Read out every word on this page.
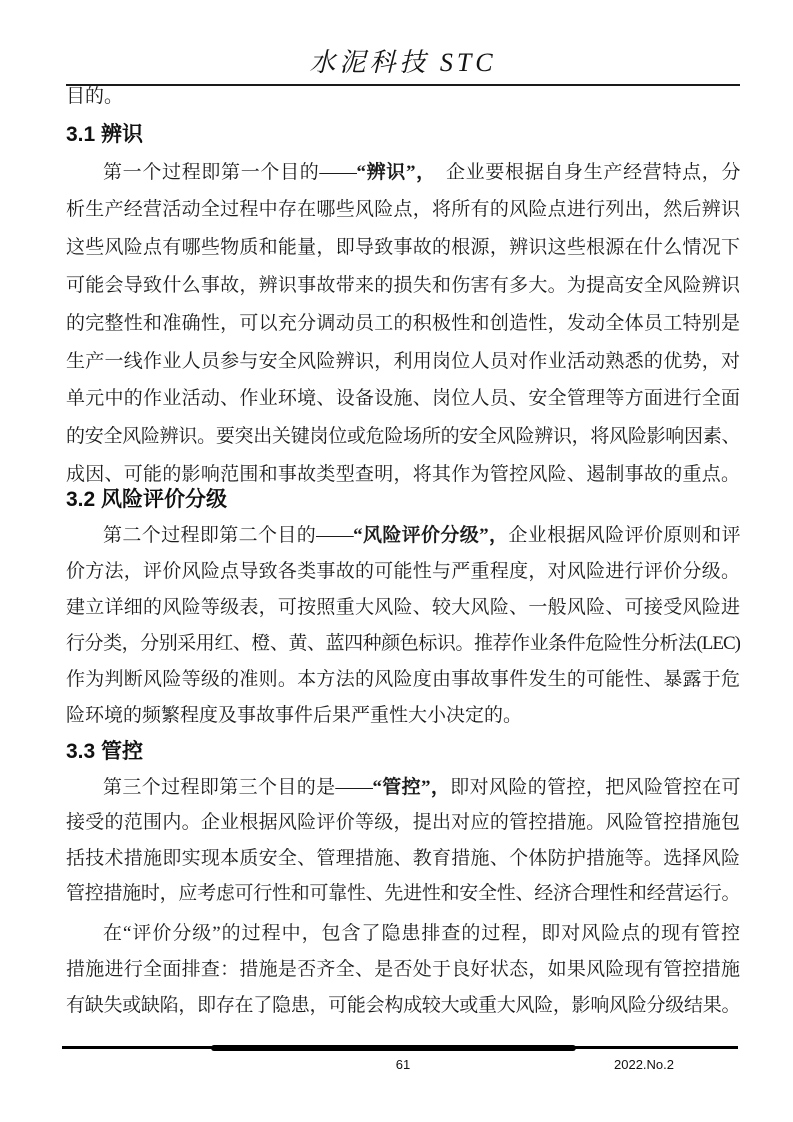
水泥科技 STC
目的。
3.1 辨识
第一个过程即第一个目的——“辨识”，　企业要根据自身生产经营特点，分
析生产经营活动全过程中存在哪些风险点，将所有的风险点进行列出，然后辨识
这些风险点有哪些物质和能量，即导致事故的根源，辨识这些根源在什么情况下
可能会导致什么事故，辨识事故带来的损失和伤害有多大。为提高安全风险辨识
的完整性和准确性，可以充分调动员工的积极性和创造性，发动全体员工特别是
生产一线作业人员参与安全风险辨识，利用岗位人员对作业活动熟悉的优势，对
单元中的作业活动、作业环境、设备设施、岗位人员、安全管理等方面进行全面
的安全风险辨识。要突出关键岗位或危险场所的安全风险辨识，将风险影响因素、
成因、可能的影响范围和事故类型查明，将其作为管控风险、遏制事故的重点。
3.2 风险评价分级
第二个过程即第二个目的——“风险评价分级”，企业根据风险评价原则和评
价方法，评价风险点导致各类事故的可能性与严重程度，对风险进行评价分级。
建立详细的风险等级表，可按照重大风险、较大风险、一般风险、可接受风险进
行分类，分别采用红、橙、黄、蓝四种颜色标识。推荐作业条件危险性分析法(LEC)
作为判断风险等级的准则。本方法的风险度由事故事件发生的可能性、暴露于危
险环境的频繁程度及事故事件后果严重性大小决定的。
3.3 管控
第三个过程即第三个目的是——“管控”，即对风险的管控，把风险管控在可
接受的范围内。企业根据风险评价等级，提出对应的管控措施。风险管控措施包
括技术措施即实现本质安全、管理措施、教育措施、个体防护措施等。选择风险
管控措施时，应考虑可行性和可靠性、先进性和安全性、经济合理性和经营运行。
在“评价分级”的过程中，包含了隐患排查的过程，即对风险点的现有管控
措施进行全面排查：措施是否齐全、是否处于良好状态，如果风险现有管控措施
有缺失或缺陷，即存在了隐患，可能会构成较大或重大风险，影响风险分级结果。
61	2022.No.2
